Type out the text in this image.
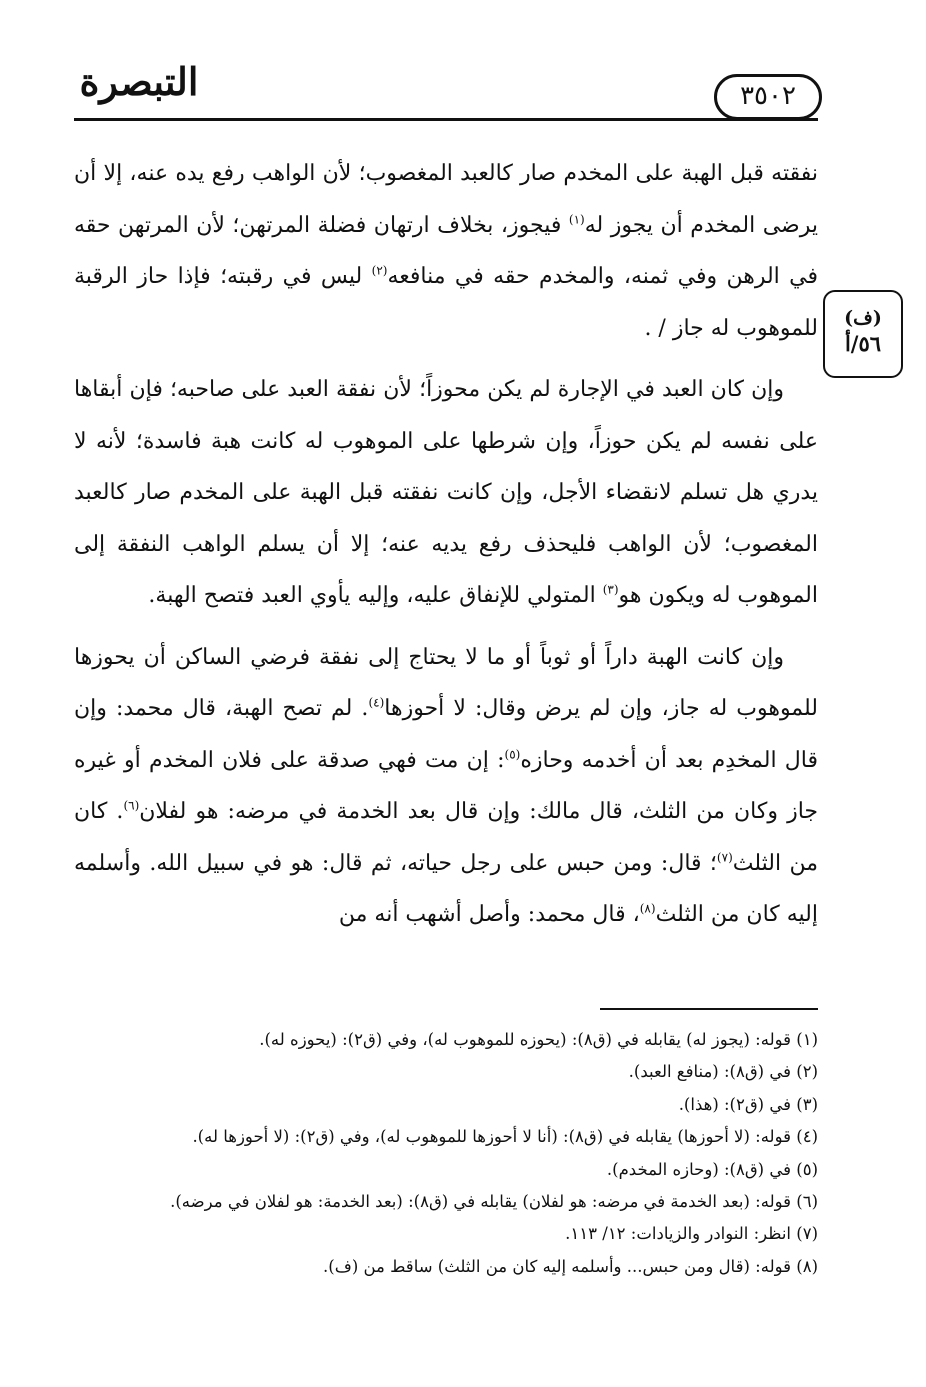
التبصرة	٣٥٠٢
(ف)
٥٦/أ

نفقته قبل الهبة على المخدم صار كالعبد المغصوب؛ لأن الواهب رفع يده عنه، إلا أن يرضى المخدم أن يجوز له$^{(١)}$ فيجوز، بخلاف ارتهان فضلة المرتهن؛ لأن المرتهن حقه في الرهن وفي ثمنه، والمخدم حقه في منافعه$^{(٢)}$ ليس في رقبته؛ فإذا حاز الرقبة للموهوب له جاز / .

وإن كان العبد في الإجارة لم يكن محوزاً؛ لأن نفقة العبد على صاحبه؛ فإن أبقاها على نفسه لم يكن حوزاً، وإن شرطها على الموهوب له كانت هبة فاسدة؛ لأنه لا يدري هل تسلم لانقضاء الأجل، وإن كانت نفقته قبل الهبة على المخدم صار كالعبد المغصوب؛ لأن الواهب فليحذف رفع يديه عنه؛ إلا أن يسلم الواهب النفقة إلى الموهوب له ويكون هو$^{(٣)}$ المتولي للإنفاق عليه، وإليه يأوي العبد فتصح الهبة.

وإن كانت الهبة داراً أو ثوباً أو ما لا يحتاج إلى نفقة فرضي الساكن أن يحوزها للموهوب له جاز، وإن لم يرض وقال: لا أحوزها$^{(٤)}$. لم تصح الهبة، قال محمد: وإن قال المخدِم بعد أن أخدمه وحازه$^{(٥)}$: إن مت فهي صدقة على فلان المخدم أو غيره جاز وكان من الثلث، قال مالك: وإن قال بعد الخدمة في مرضه: هو لفلان$^{(٦)}$. كان من الثلث$^{(٧)}$؛ قال: ومن حبس على رجل حياته، ثم قال: هو في سبيل الله. وأسلمه إليه كان من الثلث$^{(٨)}$، قال محمد: وأصل أشهب أنه من

(١) قوله: (يجوز له) يقابله في (ق٨): (يحوزه للموهوب له)، وفي (ق٢): (يحوزه له).
(٢) في (ق٨): (منافع العبد).
(٣) في (ق٢): (هذا).
(٤) قوله: (لا أحوزها) يقابله في (ق٨): (أنا لا أحوزها للموهوب له)، وفي (ق٢): (لا أحوزها له).
(٥) في (ق٨): (وحازه المخدم).
(٦) قوله: (بعد الخدمة في مرضه: هو لفلان) يقابله في (ق٨): (بعد الخدمة: هو لفلان في مرضه).
(٧) انظر: النوادر والزيادات: ١٢/ ١١٣.
(٨) قوله: (قال ومن حبس... وأسلمه إليه كان من الثلث) ساقط من (ف).
